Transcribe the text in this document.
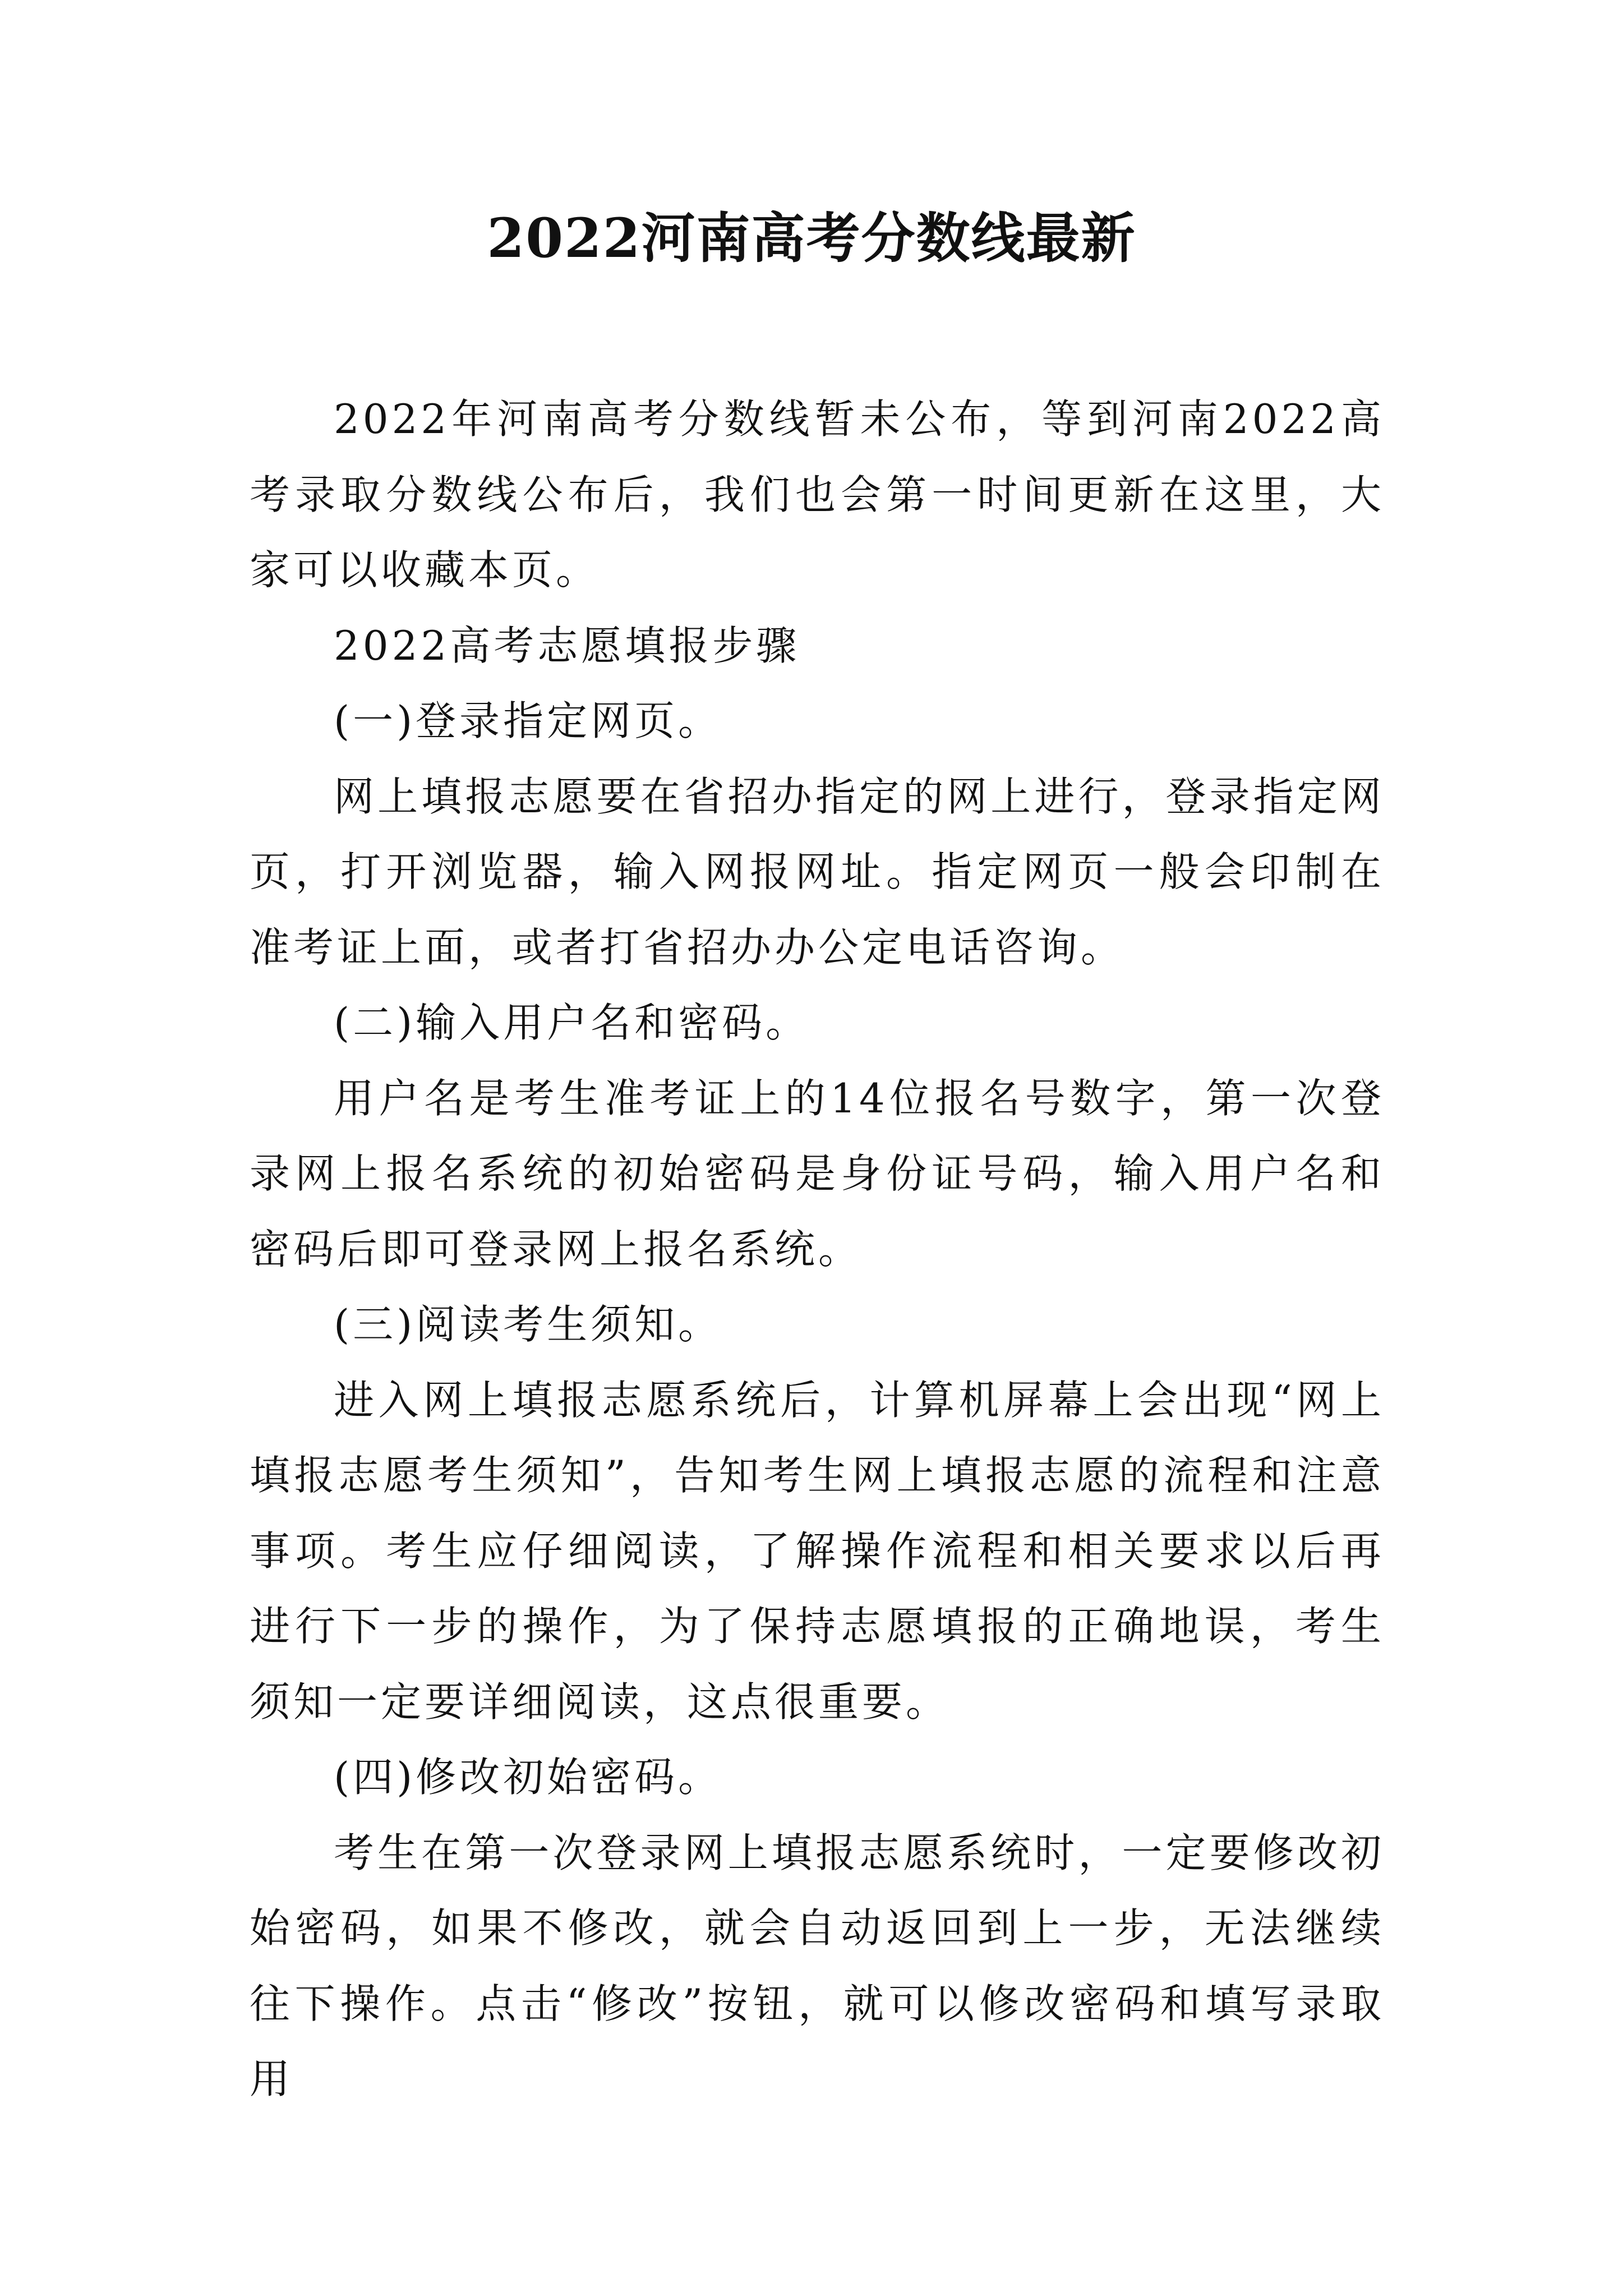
2022河南高考分数线最新

2022年河南高考分数线暂未公布，等到河南2022高考录取分数线公布后，我们也会第一时间更新在这里，大家可以收藏本页。

2022高考志愿填报步骤

(一)登录指定网页。

网上填报志愿要在省招办指定的网上进行，登录指定网页，打开浏览器，输入网报网址。指定网页一般会印制在准考证上面，或者打省招办办公定电话咨询。

(二)输入用户名和密码。

用户名是考生准考证上的14位报名号数字，第一次登录网上报名系统的初始密码是身份证号码，输入用户名和密码后即可登录网上报名系统。

(三)阅读考生须知。

进入网上填报志愿系统后，计算机屏幕上会出现“网上填报志愿考生须知”，告知考生网上填报志愿的流程和注意事项。考生应仔细阅读，了解操作流程和相关要求以后再进行下一步的操作，为了保持志愿填报的正确地误，考生须知一定要详细阅读，这点很重要。

(四)修改初始密码。

考生在第一次登录网上填报志愿系统时，一定要修改初始密码，如果不修改，就会自动返回到上一步，无法继续往下操作。点击“修改”按钮，就可以修改密码和填写录取用
